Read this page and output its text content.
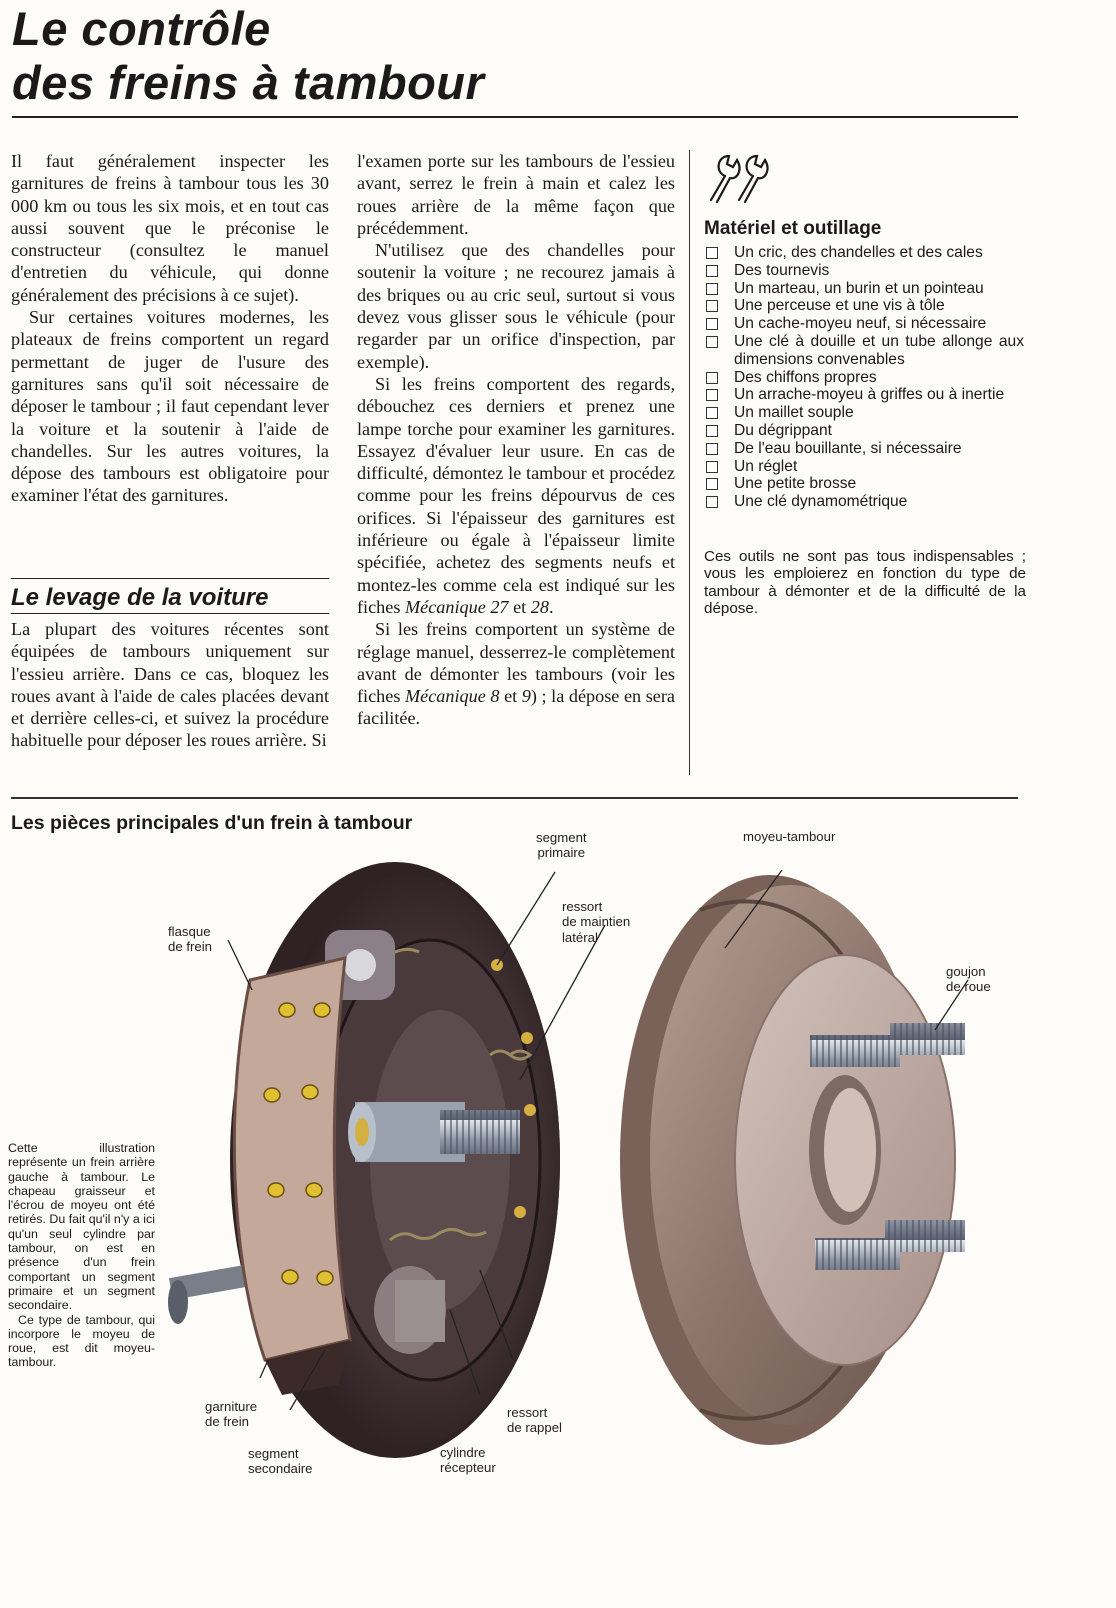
Le contrôle
des freins à tambour

Il faut généralement inspecter les garnitures de freins à tambour tous les 30 000 km ou tous les six mois, et en tout cas aussi souvent que le préconise le constructeur (consultez le manuel d'entretien du véhicule, qui donne généralement des précisions à ce sujet).

Sur certaines voitures modernes, les plateaux de freins comportent un regard permettant de juger de l'usure des garnitures sans qu'il soit nécessaire de déposer le tambour ; il faut cependant lever la voiture et la soutenir à l'aide de chandelles. Sur les autres voitures, la dépose des tambours est obligatoire pour examiner l'état des garnitures.

Le levage de la voiture

La plupart des voitures récentes sont équipées de tambours uniquement sur l'essieu arrière. Dans ce cas, bloquez les roues avant à l'aide de cales placées devant et derrière celles-ci, et suivez la procédure habituelle pour déposer les roues arrière. Si

l'examen porte sur les tambours de l'essieu avant, serrez le frein à main et calez les roues arrière de la même façon que précédemment.

N'utilisez que des chandelles pour soutenir la voiture ; ne recourez jamais à des briques ou au cric seul, surtout si vous devez vous glisser sous le véhicule (pour regarder par un orifice d'inspection, par exemple).

Si les freins comportent des regards, débouchez ces derniers et prenez une lampe torche pour examiner les garnitures. Essayez d'évaluer leur usure. En cas de difficulté, démontez le tambour et procédez comme pour les freins dépourvus de ces orifices. Si l'épaisseur des garnitures est inférieure ou égale à l'épaisseur limite spécifiée, achetez des segments neufs et montez-les comme cela est indiqué sur les fiches Mécanique 27 et 28.

Si les freins comportent un système de réglage manuel, desserrez-le complètement avant de démonter les tambours (voir les fiches Mécanique 8 et 9) ; la dépose en sera facilitée.

Matériel et outillage
Un cric, des chandelles et des cales
Des tournevis
Un marteau, un burin et un pointeau
Une perceuse et une vis à tôle
Un cache-moyeu neuf, si nécessaire
Une clé à douille et un tube allonge aux dimensions convenables
Des chiffons propres
Un arrache-moyeu à griffes ou à inertie
Un maillet souple
Du dégrippant
De l'eau bouillante, si nécessaire
Un réglet
Une petite brosse
Une clé dynamométrique

Ces outils ne sont pas tous indispensables ; vous les emploierez en fonction du type de tambour à démonter et de la difficulté de la dépose.

Les pièces principales d'un frein à tambour
segment
primaire
moyeu-tambour
ressort
de maintien
latéral
flasque
de frein
goujon
de roue
garniture
de frein
segment
secondaire
cylindre
récepteur
ressort
de rappel

Cette illustration représente un frein arrière gauche à tambour. Le chapeau graisseur et l'écrou de moyeu ont été retirés. Du fait qu'il n'y a ici qu'un seul cylindre par tambour, on est en présence d'un frein comportant un segment primaire et un segment secondaire.

Ce type de tambour, qui incorpore le moyeu de roue, est dit moyeu-tambour.
